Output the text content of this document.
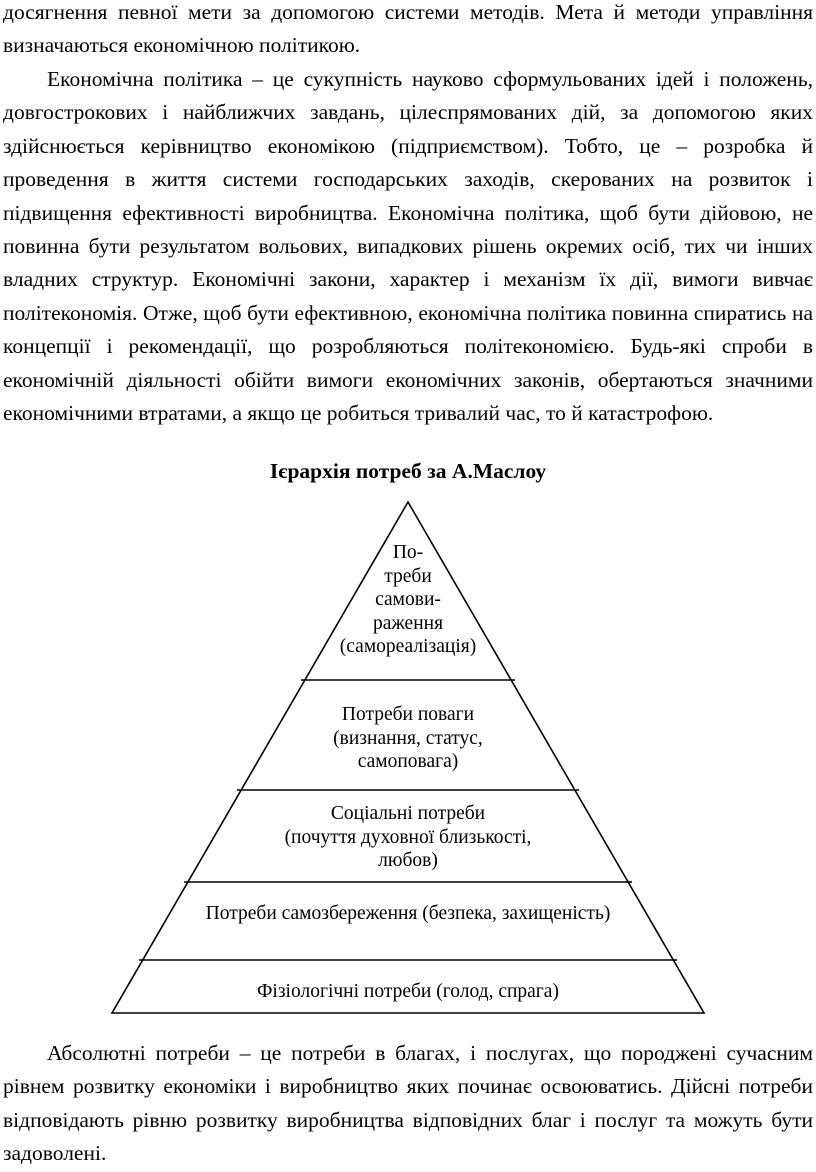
досягнення певної мети за допомогою системи методів. Мета й методи управління визначаються економічною політикою.

Економічна політика – це сукупність науково сформульованих ідей і положень, довгострокових і найближчих завдань, цілеспрямованих дій, за допомогою яких здійснюється керівництво економікою (підприємством). Тобто, це – розробка й проведення в життя системи господарських заходів, скерованих на розвиток і підвищення ефективності виробництва. Економічна політика, щоб бути дійовою, не повинна бути результатом вольових, випадкових рішень окремих осіб, тих чи інших владних структур. Економічні закони, характер і механізм їх дії, вимоги вивчає політекономія. Отже, щоб бути ефективною, економічна політика повинна спиратись на концепції і рекомендації, що розробляються політекономією. Будь-які спроби в економічній діяльності обійти вимоги економічних законів, обертаються значними економічними втратами, а якщо це робиться тривалий час, то й катастрофою.

Абсолютні потреби – це потреби в благах, і послугах, що породжені сучасним рівнем розвитку економіки і виробництво яких починає освоюватись. Дійсні потреби відповідають рівню розвитку виробництва відповідних благ і послуг та можуть бути задоволені.

Ієрархія потреб за А.Маслоу
По-
треби
самови-
раження
(самореалізація)
Потреби поваги
(визнання, статус,
самоповага)
Соціальні потреби
(почуття духовної близькості,
любов)
Потреби самозбереження (безпека, захищеність)
Фізіологічні потреби (голод, спрага)
